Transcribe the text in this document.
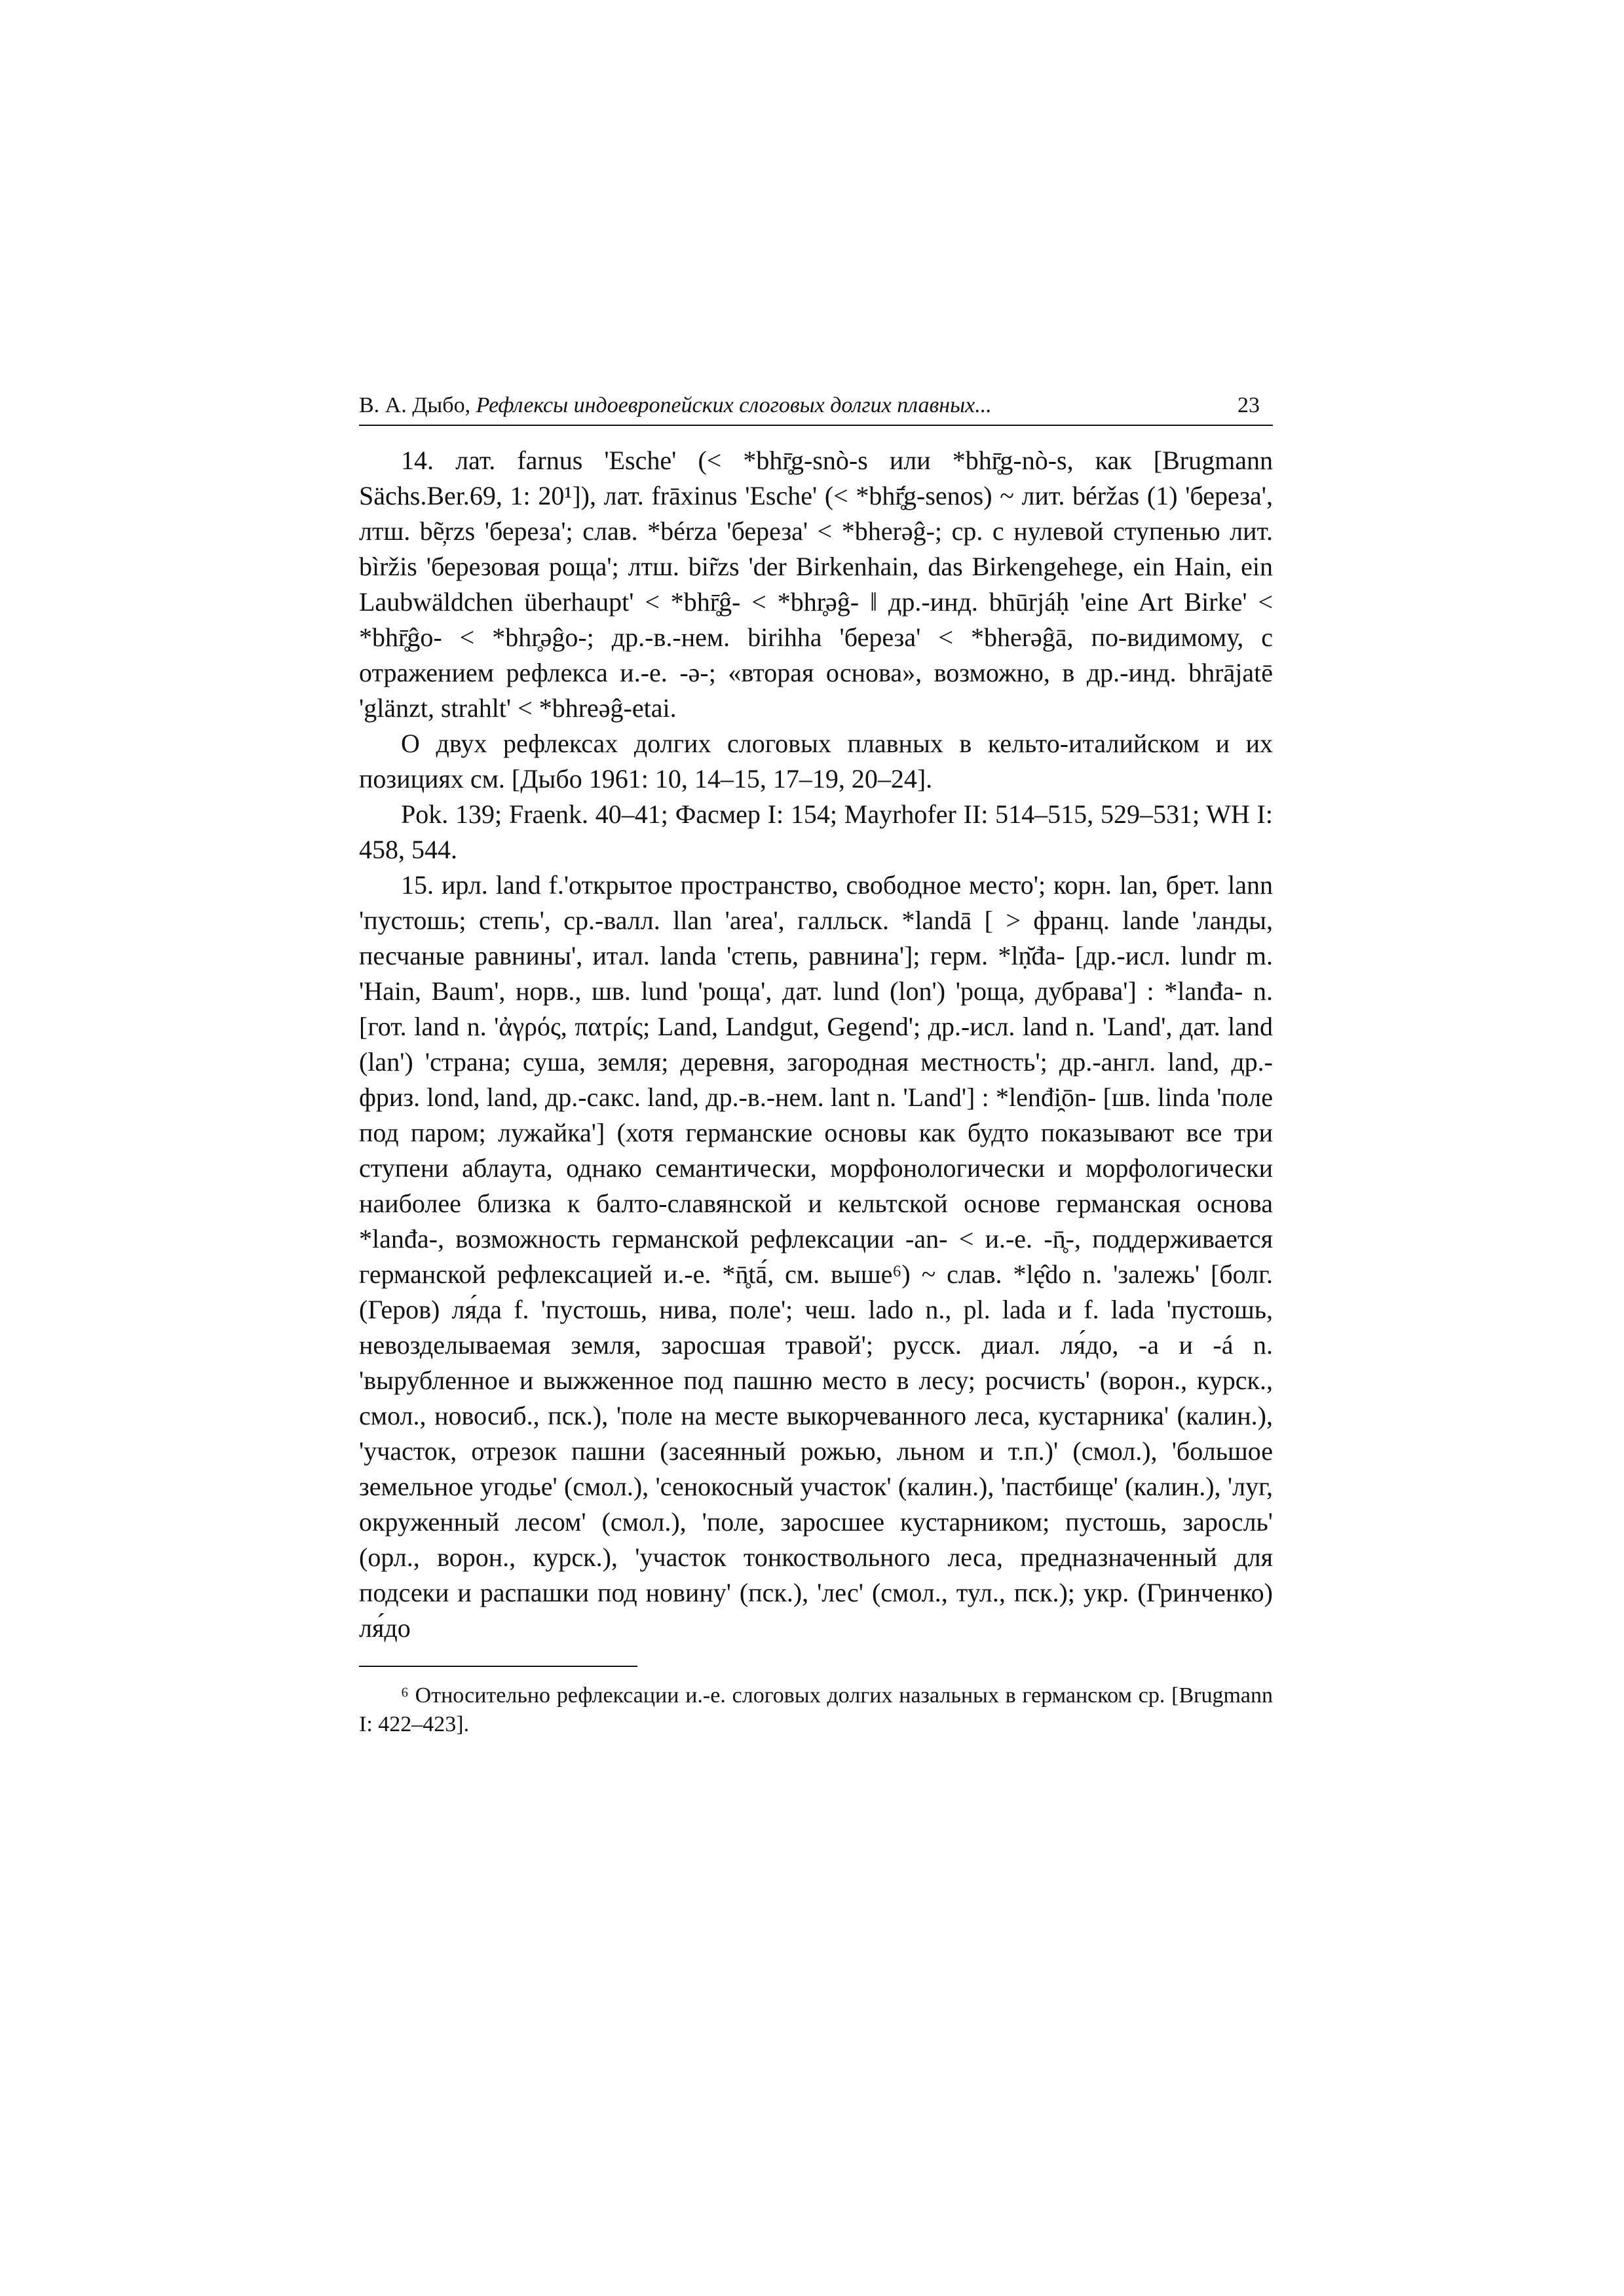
В. А. Дыбо, Рефлексы индоевропейских слоговых долгих плавных...	23

14. лат. farnus 'Esche' (< *bhr̥̄g-snò-s или *bhr̥̄g-nò-s, как [Brugmann Sächs.Ber.69, 1: 20¹]), лат. frāxinus 'Esche' (< *bhr̥̄́g-senos) ~ лит. béržas (1) 'береза', лтш. bẽ̦rzs 'береза'; слав. *bérza 'береза' < *bherəĝ-; ср. с нулевой ступенью лит. bìržis 'березовая роща'; лтш. bir̃zs 'der Birkenhain, das Birkengehege, ein Hain, ein Laubwäldchen überhaupt' < *bhr̥̄ĝ- < *bhr̥əĝ- ‖ др.-инд. bhūrjáḥ 'eine Art Birke' < *bhr̥̄ĝo- < *bhr̥əĝo-; др.-в.-нем. birihha 'береза' < *bherəĝā, по-видимому, с отражением рефлекса и.-е. -ə-; «вторая основа», возможно, в др.-инд. bhrājatē 'glänzt, strahlt' < *bhreəĝ-etai.

О двух рефлексах долгих слоговых плавных в кельто-италийском и их позициях см. [Дыбо 1961: 10, 14–15, 17–19, 20–24].

Pok. 139; Fraenk. 40–41; Фасмер I: 154; Mayrhofer II: 514–515, 529–531; WH I: 458, 544.

15. ирл. land f.'открытое пространство, свободное место'; корн. lan, брет. lann 'пустошь; степь', ср.-валл. llan 'area', галльск. *landā [ > франц. lande 'ланды, песчаные равнины', итал. landa 'степь, равнина']; герм. *lṇ̆đa- [др.-исл. lundr m. 'Hain, Baum', норв., шв. lund 'роща', дат. lund (lon') 'роща, дубрава'] : *lanđa- n. [гот. land n. 'ἀγρός, πατρίς; Land, Landgut, Gegend'; др.-исл. land n. 'Land', дат. land (lan') 'страна; суша, земля; деревня, загородная местность'; др.-англ. land, др.-фриз. lond, land, др.-сакс. land, др.-в.-нем. lant n. 'Land'] : *lenđi̯ōn- [шв. linda 'поле под паром; лужайка'] (хотя германские основы как будто показывают все три ступени аблаута, однако семантически, морфонологически и морфологически наиболее близка к балто-славянской и кельтской основе германская основа *lanđa-, возможность германской рефлексации -an- < и.-е. -n̥̄-, поддерживается германской рефлексацией и.-е. *n̥̄tā́, см. выше⁶) ~ слав. *lę̂do n. 'залежь' [болг. (Геров) ля́да f. 'пустошь, нива, поле'; чеш. lado n., pl. lada и f. lada 'пустошь, невозделываемая земля, заросшая травой'; русск. диал. ля́до, -а и -á n. 'вырубленное и выжженное под пашню место в лесу; росчисть' (ворон., курск., смол., новосиб., пск.), 'поле на месте выкорчеванного леса, кустарника' (калин.), 'участок, отрезок пашни (засеянный рожью, льном и т.п.)' (смол.), 'большое земельное угодье' (смол.), 'сенокосный участок' (калин.), 'пастбище' (калин.), 'луг, окруженный лесом' (смол.), 'поле, заросшее кустарником; пустошь, заросль' (орл., ворон., курск.), 'участок тонкоствольного леса, предназначенный для подсеки и распашки под новину' (пск.), 'лес' (смол., тул., пск.); укр. (Гринченко) ля́до

⁶ Относительно рефлексации и.-е. слоговых долгих назальных в германском ср. [Brugmann I: 422–423].
